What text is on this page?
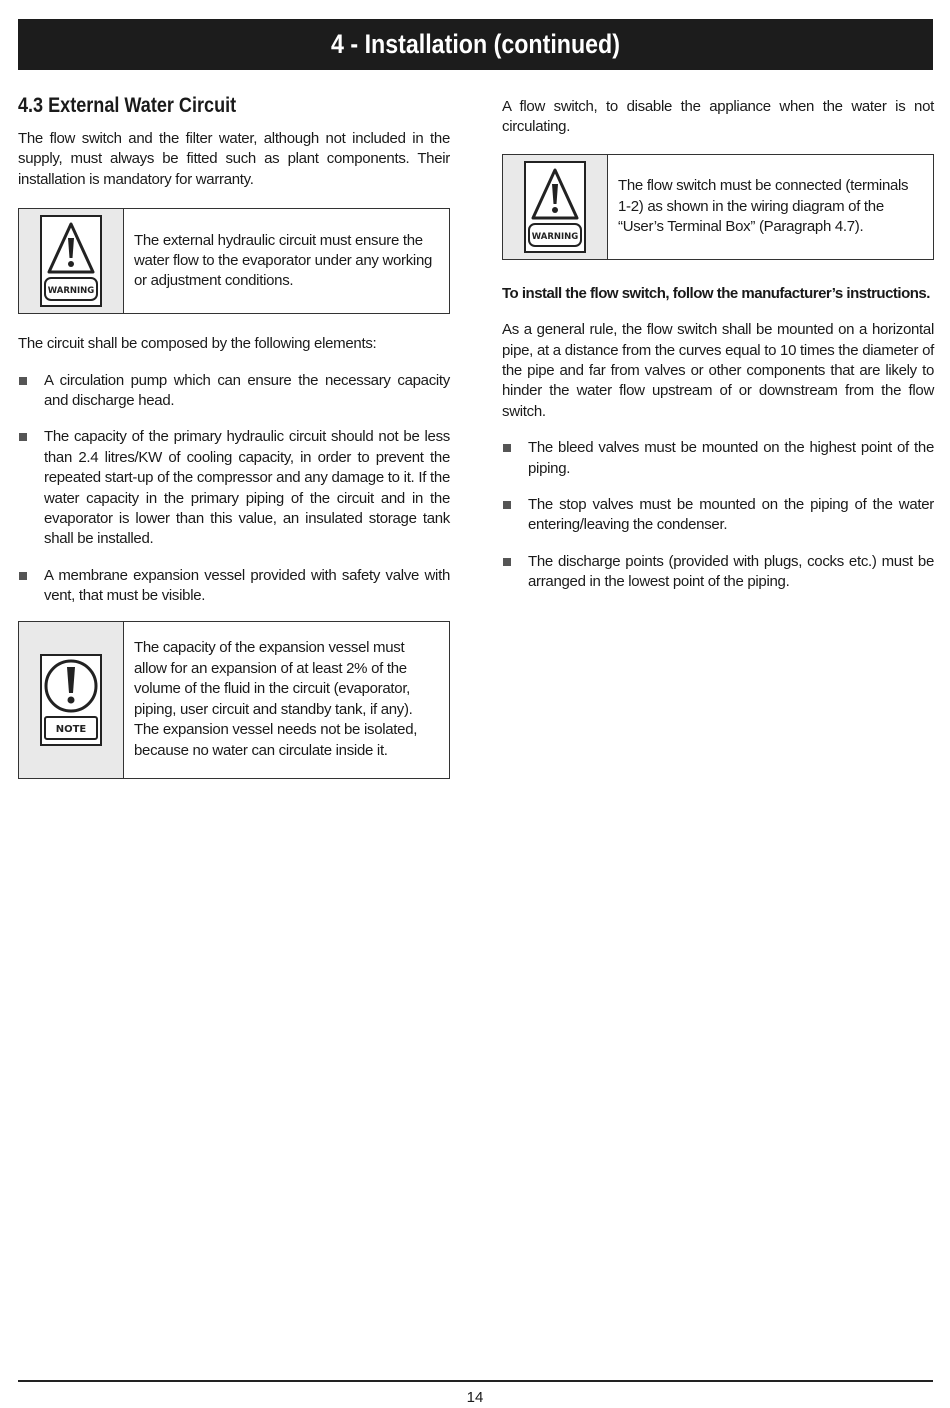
4 - Installation (continued)
4.3 External Water Circuit

The flow switch and the filter water, although not included in the supply, must always be fitted such as plant components. Their installation is mandatory for warranty.

WARNING

The external hydraulic circuit must ensure the water flow to the evaporator under any working or adjustment conditions.

The circuit shall be composed by the following elements:

A circulation pump which can ensure the necessary capacity and discharge head.
The capacity of the primary hydraulic circuit should not be less than 2.4 litres/KW of cooling capacity, in order to prevent the repeated start-up of the compressor and any damage to it. If the water capacity in the primary piping of the circuit and in the evaporator is lower than this value, an insulated storage tank shall be installed.
A membrane expansion vessel provided with safety valve with vent, that must be visible.
NOTE

The capacity of the expansion vessel must allow for an expansion of at least 2% of the volume of the fluid in the circuit (evaporator, piping, user circuit and standby tank, if any). The expansion vessel needs not be isolated, because no water can circulate inside it.

A flow switch, to disable the appliance when the water is not circulating.

WARNING

The flow switch must be connected (terminals 1-2) as shown in the wiring diagram of the “User’s Terminal Box” (Paragraph 4.7).

To install the flow switch, follow the manufacturer’s instructions.

As a general rule, the flow switch shall be mounted on a horizontal pipe, at a distance from the curves equal to 10 times the diameter of the pipe and far from valves or other components that are likely to hinder the water flow upstream of or downstream from the flow switch.

The bleed valves must be mounted on the highest point of the piping.
The stop valves must be mounted on the piping of the water entering/leaving the condenser.
The discharge points (provided with plugs, cocks etc.) must be arranged in the lowest point of the piping.
14
